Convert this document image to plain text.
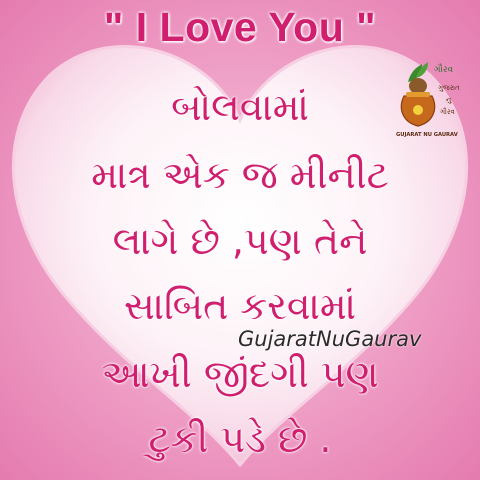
" I Love You "
બોલવામાં
માત્ર એક જ મીનીટ
લાગે છે ,પણ તેને
સાબિત કરવામાં
આખી જીંદગી પણ
ટુકી પડે છે .
GujaratNuGaurav
ગૌરવ
ગુજરાત
નુ
ગૌરવ
GUJARAT NU GAURAV
